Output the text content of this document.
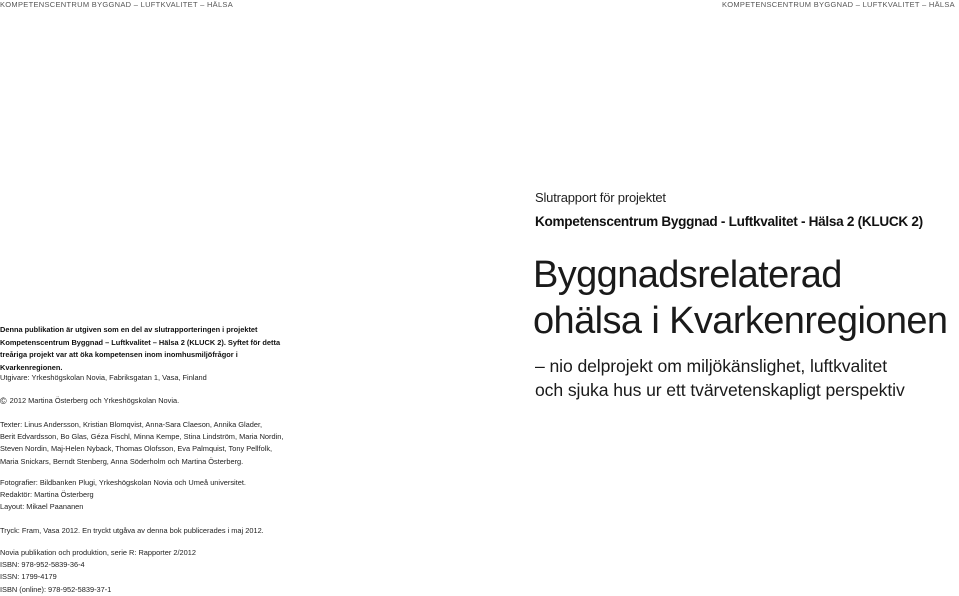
KOMPETENSCENTRUM BYGGNAD – LUFTKVALITET – HÄLSA	KOMPETENSCENTRUM BYGGNAD – LUFTKVALITET – HÄLSA
Denna publikation är utgiven som en del av slutrapporteringen i projektet
Kompetenscentrum Byggnad – Luftkvalitet – Hälsa 2 (KLUCK 2). Syftet för detta
treåriga projekt var att öka kompetensen inom inomhusmiljöfrågor i Kvarkenregionen.
Utgivare: Yrkeshögskolan Novia, Fabriksgatan 1, Vasa, Finland
© 2012 Martina Österberg och Yrkeshögskolan Novia.
Texter: Linus Andersson, Kristian Blomqvist, Anna-Sara Claeson, Annika Glader,
Berit Edvardsson, Bo Glas, Géza Fischl, Minna Kempe, Stina Lindström, Maria Nordin,
Steven Nordin, Maj-Helen Nyback, Thomas Olofsson, Eva Palmquist, Tony Pellfolk,
Maria Snickars, Berndt Stenberg, Anna Söderholm och Martina Österberg.
Fotografier: Bildbanken Plugi, Yrkeshögskolan Novia och Umeå universitet.
Redaktör: Martina Österberg
Layout: Mikael Paananen
Tryck: Fram, Vasa 2012. En tryckt utgåva av denna bok publicerades i maj 2012.
Novia publikation och produktion, serie R: Rapporter 2/2012
ISBN: 978-952-5839-36-4
ISSN: 1799-4179
ISBN (online): 978-952-5839-37-1
Slutrapport för projektet
Kompetenscentrum Byggnad - Luftkvalitet - Hälsa 2 (KLUCK 2)
Byggnadsrelaterad
ohälsa i Kvarkenregionen
– nio delprojekt om miljökänslighet, luftkvalitet
och sjuka hus ur ett tvärvetenskapligt perspektiv
